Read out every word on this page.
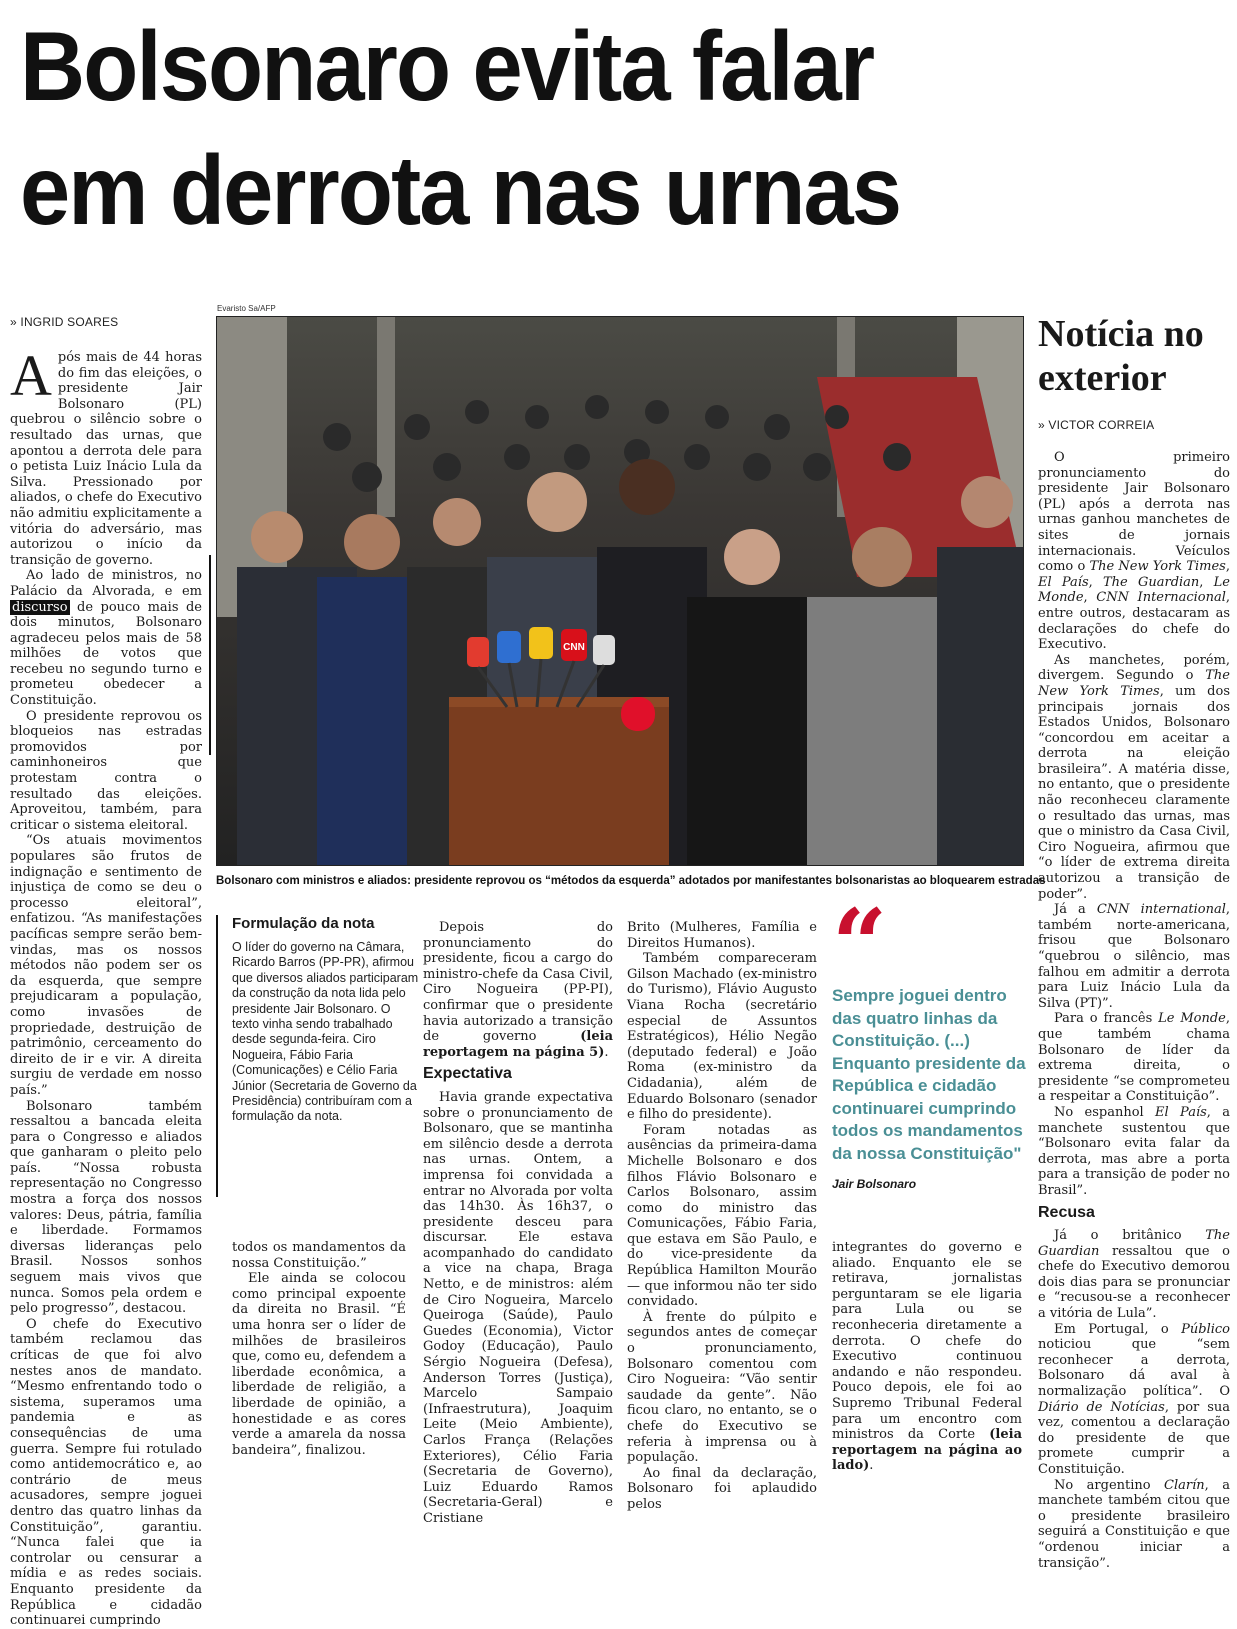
Bolsonaro evita falar
em derrota nas urnas
» INGRID SOARES

Após mais de 44 horas do fim das eleições, o presidente Jair Bolsonaro (PL) quebrou o silêncio sobre o resultado das urnas, que apontou a derrota dele para o petista Luiz Inácio Lula da Silva. Pressionado por aliados, o chefe do Executivo não admitiu explicitamente a vitória do adversário, mas autorizou o início da transição de governo.

Ao lado de ministros, no Palácio da Alvorada, e em discurso de pouco mais de dois minutos, Bolsonaro agradeceu pelos mais de 58 milhões de votos que recebeu no segundo turno e prometeu obedecer a Constituição.

O presidente reprovou os bloqueios nas estradas promovidos por caminhoneiros que protestam contra o resultado das eleições. Aproveitou, também, para criticar o sistema eleitoral.

“Os atuais movimentos populares são frutos de indignação e sentimento de injustiça de como se deu o processo eleitoral”, enfatizou. “As manifestações pacíficas sempre serão bem-vindas, mas os nossos métodos não podem ser os da esquerda, que sempre prejudicaram a população, como invasões de propriedade, destruição de patrimônio, cerceamento do direito de ir e vir. A direita surgiu de verdade em nosso país.”

Bolsonaro também ressaltou a bancada eleita para o Congresso e aliados que ganharam o pleito pelo país. “Nossa robusta representação no Congresso mostra a força dos nossos valores: Deus, pátria, família e liberdade. Formamos diversas lideranças pelo Brasil. Nossos sonhos seguem mais vivos que nunca. Somos pela ordem e pelo progresso”, destacou.

O chefe do Executivo também reclamou das críticas de que foi alvo nestes anos de mandato. “Mesmo enfrentando todo o sistema, superamos uma pandemia e as consequências de uma guerra. Sempre fui rotulado como antidemocrático e, ao contrário de meus acusadores, sempre joguei dentro das quatro linhas da Constituição”, garantiu. “Nunca falei que ia controlar ou censurar a mídia e as redes sociais. Enquanto presidente da República e cidadão continuarei cumprindo

Evaristo Sa/AFP
CNN
Bolsonaro com ministros e aliados: presidente reprovou os “métodos da esquerda” adotados por manifestantes bolsonaristas ao bloquearem estradas
Formulação da nota
O líder do governo na Câmara, Ricardo Barros (PP-PR), afirmou que diversos aliados participaram da construção da nota lida pelo presidente Jair Bolsonaro. O texto vinha sendo trabalhado desde segunda-feira. Ciro Nogueira, Fábio Faria (Comunicações) e Célio Faria Júnior (Secretaria de Governo da Presidência) contribuíram com a formulação da nota.

todos os mandamentos da nossa Constituição.”

Ele ainda se colocou como principal expoente da direita no Brasil. “É uma honra ser o líder de milhões de brasileiros que, como eu, defendem a liberdade econômica, a liberdade de religião, a liberdade de opinião, a honestidade e as cores verde a amarela da nossa bandeira”, finalizou.

Depois do pronunciamento do presidente, ficou a cargo do ministro-chefe da Casa Civil, Ciro Nogueira (PP-PI), confirmar que o presidente havia autorizado a transição de governo	(leia reportagem na página 5).

Expectativa

Havia grande expectativa sobre o pronunciamento de Bolsonaro, que se mantinha em silêncio desde a derrota nas urnas. Ontem, a imprensa foi convidada a entrar no Alvorada por volta das 14h30. Às 16h37, o presidente desceu para discursar. Ele estava acompanhado do candidato a vice na chapa, Braga Netto, e de ministros: além de Ciro Nogueira, Marcelo Queiroga (Saúde), Paulo Guedes (Economia), Victor Godoy (Educação), Paulo Sérgio Nogueira (Defesa), Anderson Torres (Justiça), Marcelo Sampaio (Infraestrutura), Joaquim Leite (Meio Ambiente), Carlos França (Relações Exteriores), Célio Faria (Secretaria de Governo), Luiz Eduardo Ramos (Secretaria-Geral) e Cristiane

Brito (Mulheres, Família e Direitos Humanos).

Também compareceram Gilson Machado (ex-ministro do Turismo), Flávio Augusto Viana Rocha (secretário especial de Assuntos Estratégicos), Hélio Negão (deputado federal) e João Roma (ex-ministro da Cidadania), além de Eduardo Bolsonaro (senador e filho do presidente).

Foram notadas as ausências da primeira-dama Michelle Bolsonaro e dos filhos Flávio Bolsonaro e Carlos Bolsonaro, assim como do ministro das Comunicações, Fábio Faria, que estava em São Paulo, e do vice-presidente da República Hamilton Mourão — que informou não ter sido convidado.

À frente do púlpito e segundos antes de começar o pronunciamento, Bolsonaro comentou com Ciro Nogueira: “Vão sentir saudade da gente”. Não ficou claro, no entanto, se o chefe do Executivo se referia à imprensa ou à população.

Ao final da declaração, Bolsonaro foi aplaudido pelos

“
Sempre joguei dentro das quatro linhas da Constituição. (...) Enquanto presidente da República e cidadão continuarei cumprindo todos os mandamentos da nossa Constituição"
Jair Bolsonaro

integrantes do governo e aliado. Enquanto ele se retirava, jornalistas perguntaram se ele ligaria para Lula ou se reconheceria diretamente a derrota. O chefe do Executivo continuou andando e não respondeu. Pouco depois, ele foi ao Supremo Tribunal Federal para um encontro com ministros da Corte (leia reportagem na página ao lado).

Notícia no exterior
» VICTOR CORREIA

O primeiro pronunciamento do presidente Jair Bolsonaro (PL) após a derrota nas urnas ganhou manchetes de sites de jornais internacionais. Veículos como o The New York Times, El País, The Guardian, Le Monde, CNN Internacional, entre outros, destacaram as declarações do chefe do Executivo.

As manchetes, porém, divergem. Segundo o The New York Times, um dos principais jornais dos Estados Unidos, Bolsonaro “concordou em aceitar a derrota na eleição brasileira”. A matéria disse, no entanto, que o presidente não reconheceu claramente o resultado das urnas, mas que o ministro da Casa Civil, Ciro Nogueira, afirmou que “o líder de extrema direita autorizou a transição de poder”.

Já a CNN international, também norte-americana, frisou que Bolsonaro “quebrou o silêncio, mas falhou em admitir a derrota para Luiz Inácio Lula da Silva (PT)”.

Para o francês Le Monde, que também chama Bolsonaro de líder da extrema direita, o presidente “se comprometeu a respeitar a Constituição”.

No espanhol El País, a manchete sustentou que “Bolsonaro evita falar da derrota, mas abre a porta para a transição de poder no Brasil”.

Recusa

Já o britânico The Guardian ressaltou que o chefe do Executivo demorou dois dias para se pronunciar e “recusou-se a reconhecer a vitória de Lula”.

Em Portugal, o Público noticiou que “sem reconhecer a derrota, Bolsonaro dá aval à normalização política”. O Diário de Notícias, por sua vez, comentou a declaração do presidente de que promete cumprir a Constituição.

No argentino Clarín, a manchete também citou que o presidente brasileiro seguirá a Constituição e que “ordenou iniciar a transição”.
